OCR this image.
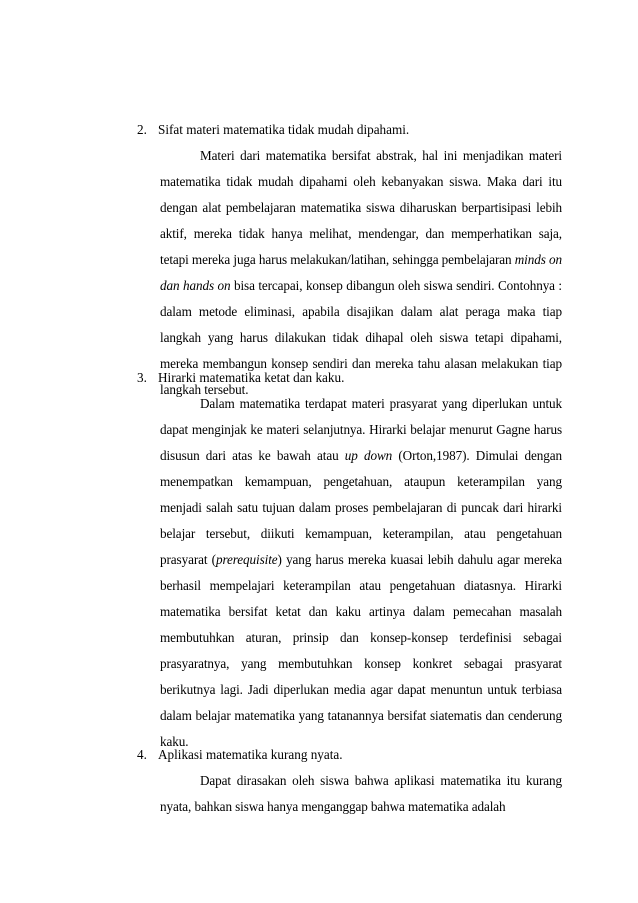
2. Sifat materi matematika tidak mudah dipahami.
Materi dari matematika bersifat abstrak, hal ini menjadikan materi matematika tidak mudah dipahami oleh kebanyakan siswa. Maka dari itu dengan alat pembelajaran matematika siswa diharuskan berpartisipasi lebih aktif, mereka tidak hanya melihat, mendengar, dan memperhatikan saja, tetapi mereka juga harus melakukan/latihan, sehingga pembelajaran minds on dan hands on bisa tercapai, konsep dibangun oleh siswa sendiri. Contohnya : dalam metode eliminasi, apabila disajikan dalam alat peraga maka tiap langkah yang harus dilakukan tidak dihapal oleh siswa tetapi dipahami, mereka membangun konsep sendiri dan mereka tahu alasan melakukan tiap langkah tersebut.
3. Hirarki matematika ketat dan kaku.
Dalam matematika terdapat materi prasyarat yang diperlukan untuk dapat menginjak ke materi selanjutnya. Hirarki belajar menurut Gagne harus disusun dari atas ke bawah atau up down (Orton,1987). Dimulai dengan menempatkan kemampuan, pengetahuan, ataupun keterampilan yang menjadi salah satu tujuan dalam proses pembelajaran di puncak dari hirarki belajar tersebut, diikuti kemampuan, keterampilan, atau pengetahuan prasyarat (prerequisite) yang harus mereka kuasai lebih dahulu agar mereka berhasil mempelajari keterampilan atau pengetahuan diatasnya. Hirarki matematika bersifat ketat dan kaku artinya dalam pemecahan masalah membutuhkan aturan, prinsip dan konsep-konsep terdefinisi sebagai prasyaratnya, yang membutuhkan konsep konkret sebagai prasyarat berikutnya lagi. Jadi diperlukan media agar dapat menuntun untuk terbiasa dalam belajar matematika yang tatanannya bersifat siatematis dan cenderung kaku.
4. Aplikasi matematika kurang nyata.
Dapat dirasakan oleh siswa bahwa aplikasi matematika itu kurang nyata, bahkan siswa hanya menganggap bahwa matematika adalah
